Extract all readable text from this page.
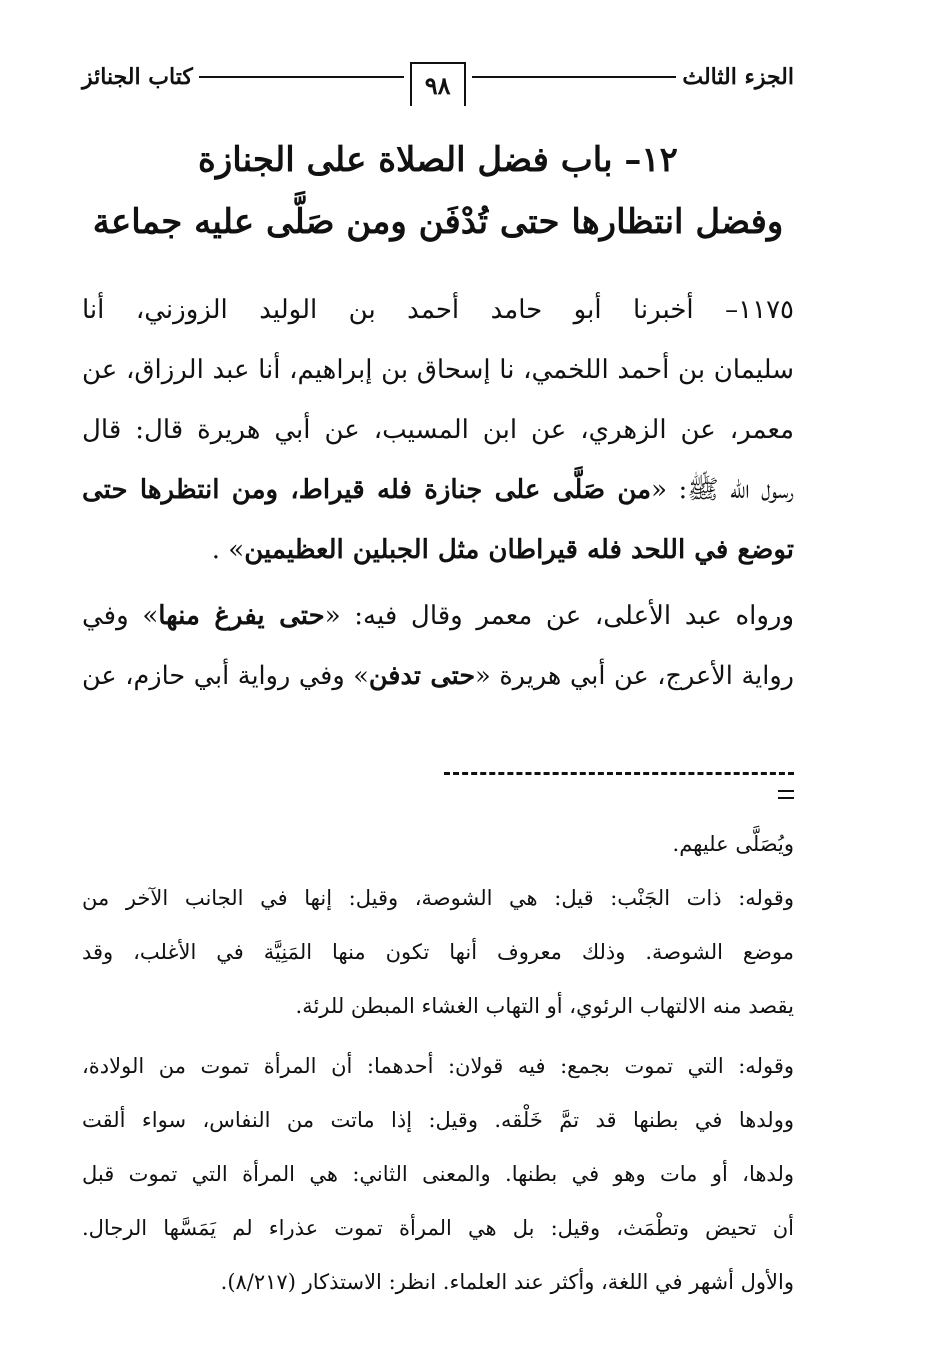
الجزء الثالث
٩٨
كتاب الجنائز
١٢– باب فضل الصلاة على الجنازة
وفضل انتظارها حتى تُدْفَن ومن صَلَّى عليه جماعة
١١٧٥– أخبرنا أبو حامد أحمد بن الوليد الزوزني، أنا
سليمان بن أحمد اللخمي، نا إسحاق بن إبراهيم، أنا عبد الرزاق، عن
معمر، عن الزهري، عن ابن المسيب، عن أبي هريرة قال: قال
رسول الله ﷺ: «من صَلَّى على جنازة فله قيراط، ومن انتظرها حتى
توضع في اللحد فله قيراطان مثل الجبلين العظيمين» .
ورواه عبد الأعلى، عن معمر وقال فيه: «حتى يفرغ منها» وفي
رواية الأعرج، عن أبي هريرة «حتى تدفن» وفي رواية أبي حازم، عن
ويُصَلَّى عليهم.
وقوله: ذات الجَنْب: قيل: هي الشوصة، وقيل: إنها في الجانب الآخر من
موضع الشوصة. وذلك معروف أنها تكون منها المَنِيَّة في الأغلب، وقد
يقصد منه الالتهاب الرئوي، أو التهاب الغشاء المبطن للرئة.
وقوله: التي تموت بجمع: فيه قولان: أحدهما: أن المرأة تموت من الولادة،
وولدها في بطنها قد تمَّ خَلْقه. وقيل: إذا ماتت من النفاس، سواء ألقت
ولدها، أو مات وهو في بطنها. والمعنى الثاني: هي المرأة التي تموت قبل
أن تحيض وتطْمَث، وقيل: بل هي المرأة تموت عذراء لم يَمَسَّها الرجال.
والأول أشهر في اللغة، وأكثر عند العلماء. انظر: الاستذكار (٨/٢١٧).
